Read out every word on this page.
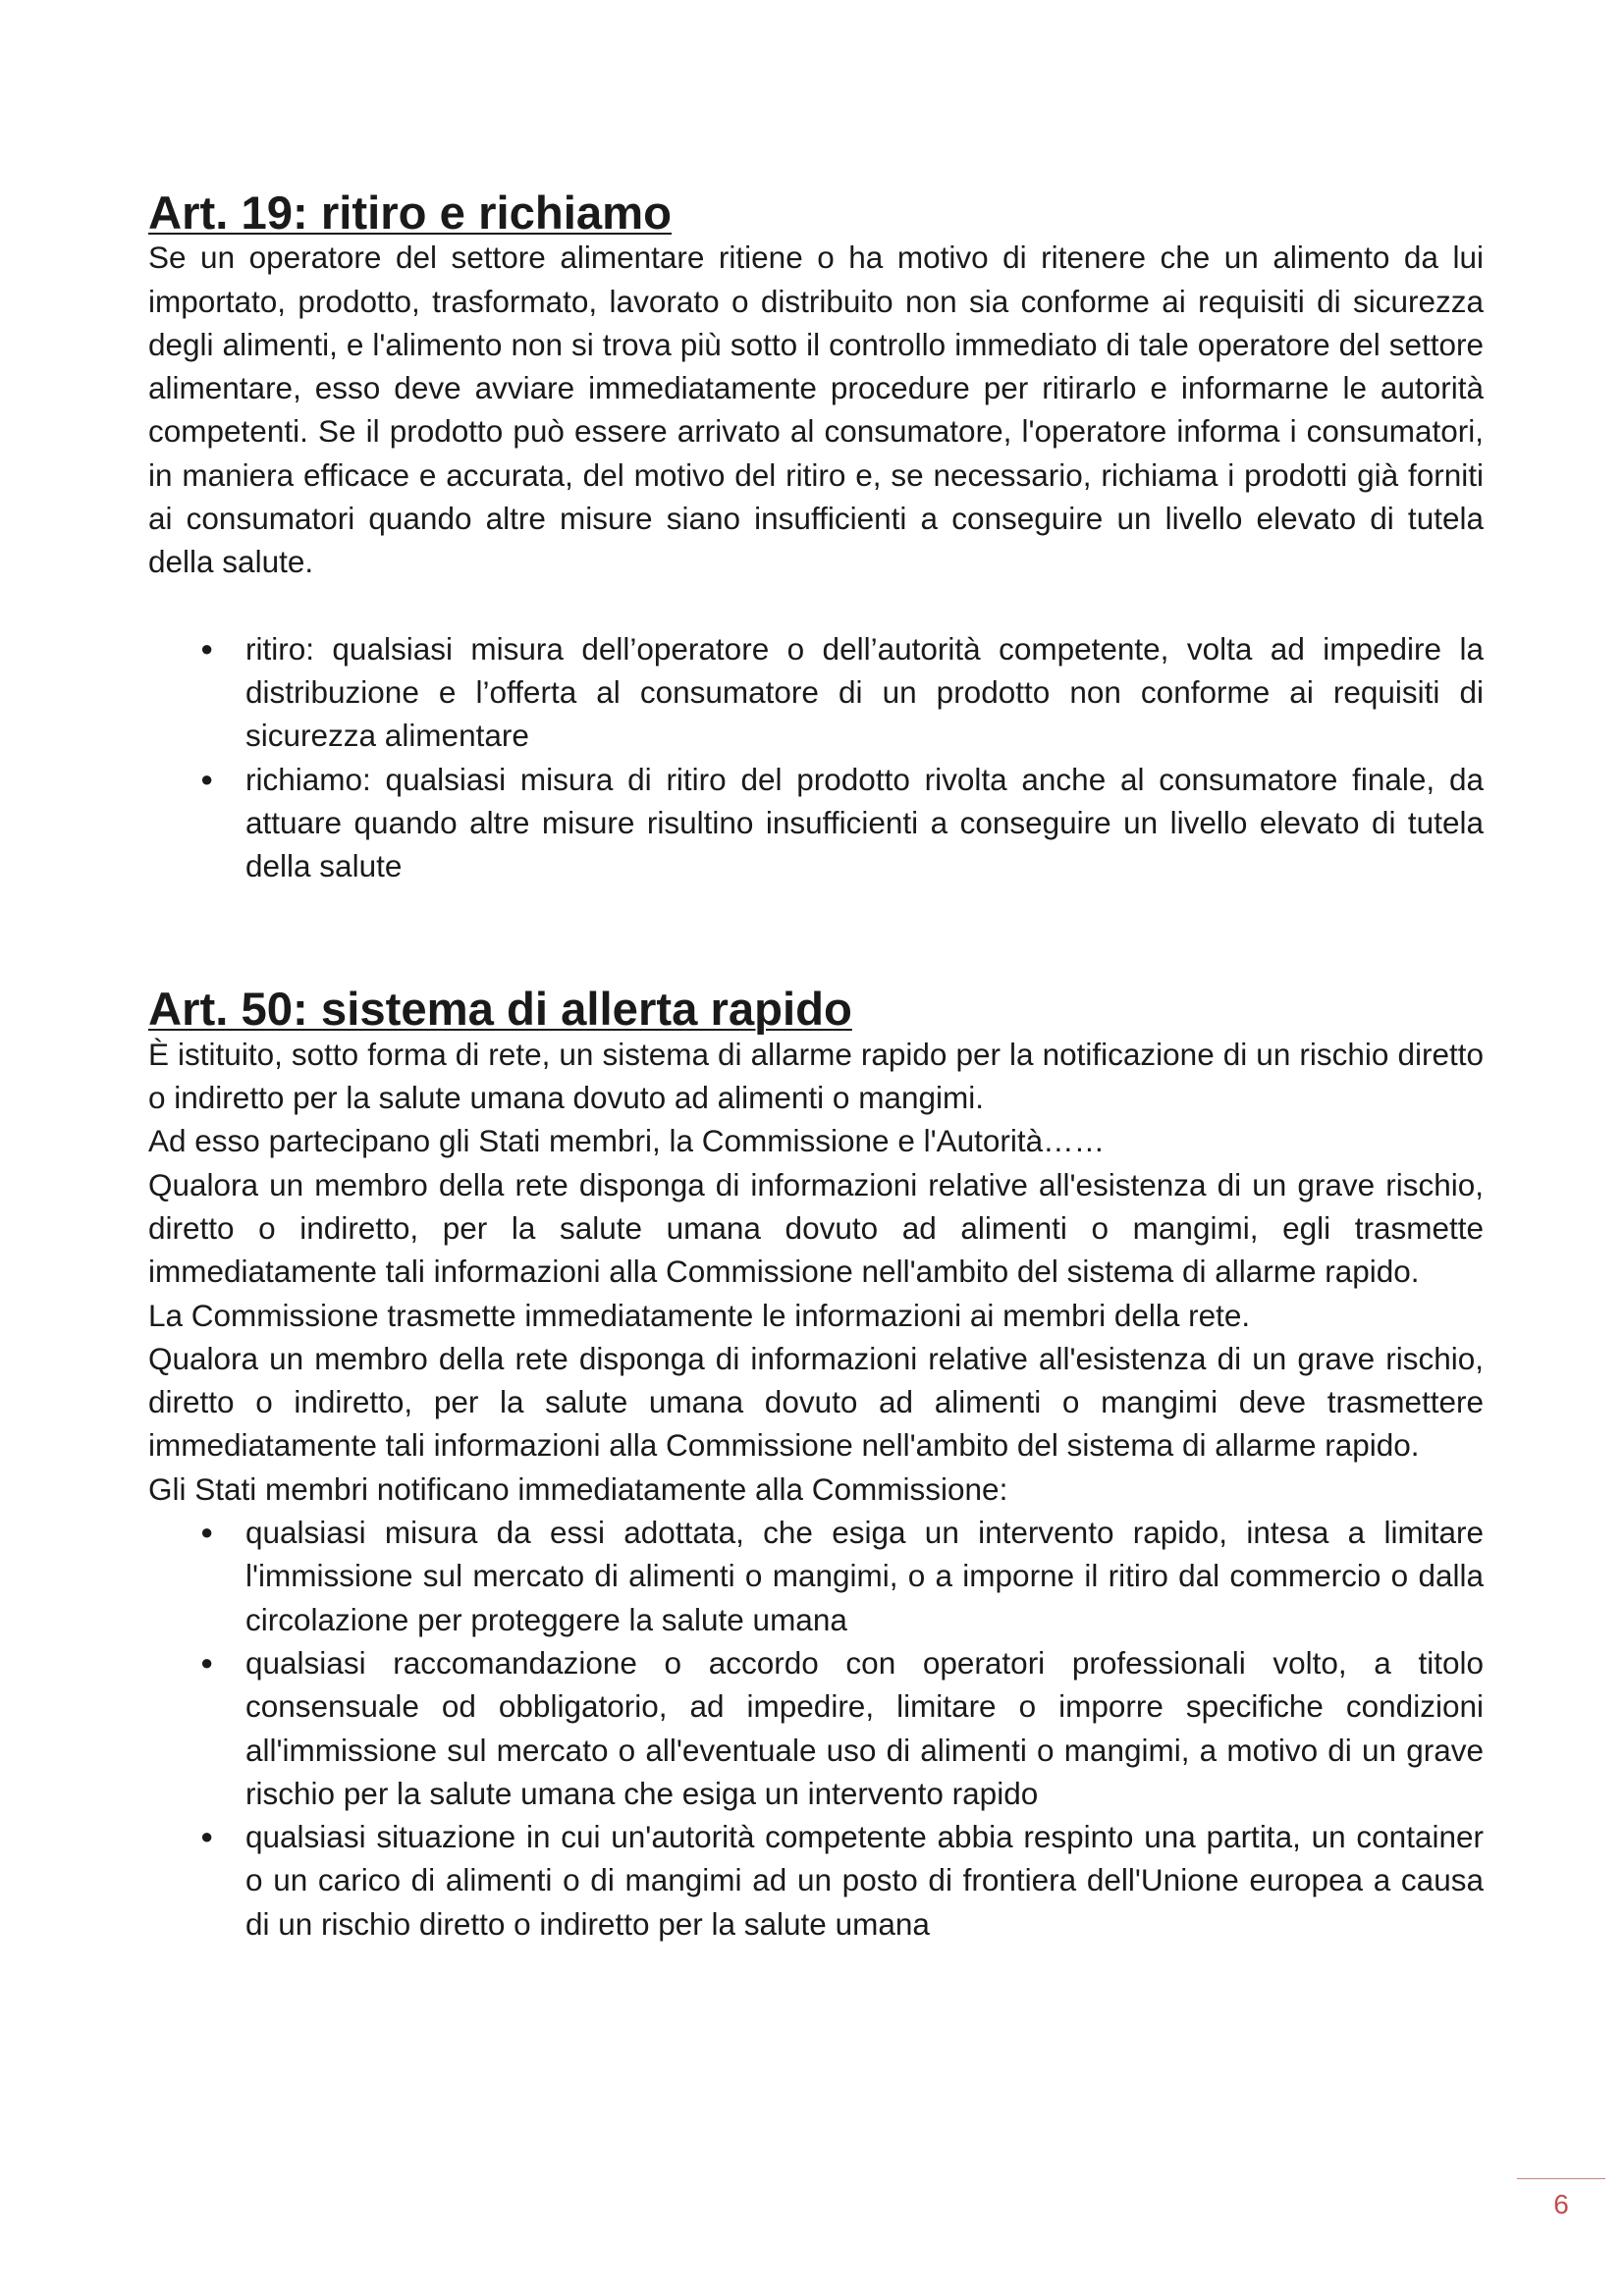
Art. 19: ritiro e richiamo

Se un operatore del settore alimentare ritiene o ha motivo di ritenere che un alimento da lui importato, prodotto, trasformato, lavorato o distribuito non sia conforme ai requisiti di sicurezza degli alimenti, e l'alimento non si trova più sotto il controllo immediato di tale operatore del settore alimentare, esso deve avviare immediatamente procedure per ritirarlo e informarne le autorità competenti. Se il prodotto può essere arrivato al consumatore, l'operatore informa i consumatori, in maniera efficace e accurata, del motivo del ritiro e, se necessario, richiama i prodotti già forniti ai consumatori quando altre misure siano insufficienti a conseguire un livello elevato di tutela della salute.

● ritiro: qualsiasi misura dell’operatore o dell’autorità competente, volta ad impedire la distribuzione e l’offerta al consumatore di un prodotto non conforme ai requisiti di sicurezza alimentare
● richiamo: qualsiasi misura di ritiro del prodotto rivolta anche al consumatore finale, da attuare quando altre misure risultino insufficienti a conseguire un livello elevato di tutela della salute
Art. 50: sistema di allerta rapido

È istituito, sotto forma di rete, un sistema di allarme rapido per la notificazione di un rischio diretto o indiretto per la salute umana dovuto ad alimenti o mangimi.

Ad esso partecipano gli Stati membri, la Commissione e l'Autorità……

Qualora un membro della rete disponga di informazioni relative all'esistenza di un grave rischio, diretto o indiretto, per la salute umana dovuto ad alimenti o mangimi, egli trasmette immediatamente tali informazioni alla Commissione nell'ambito del sistema di allarme rapido.

La Commissione trasmette immediatamente le informazioni ai membri della rete.

Qualora un membro della rete disponga di informazioni relative all'esistenza di un grave rischio, diretto o indiretto, per la salute umana dovuto ad alimenti o mangimi deve trasmettere immediatamente tali informazioni alla Commissione nell'ambito del sistema di allarme rapido.

Gli Stati membri notificano immediatamente alla Commissione:

● qualsiasi misura da essi adottata, che esiga un intervento rapido, intesa a limitare l'immissione sul mercato di alimenti o mangimi, o a imporne il ritiro dal commercio o dalla circolazione per proteggere la salute umana
● qualsiasi raccomandazione o accordo con operatori professionali volto, a titolo consensuale od obbligatorio, ad impedire, limitare o imporre specifiche condizioni all'immissione sul mercato o all'eventuale uso di alimenti o mangimi, a motivo di un grave rischio per la salute umana che esiga un intervento rapido
● qualsiasi situazione in cui un'autorità competente abbia respinto una partita, un container o un carico di alimenti o di mangimi ad un posto di frontiera dell'Unione europea a causa di un rischio diretto o indiretto per la salute umana
6
